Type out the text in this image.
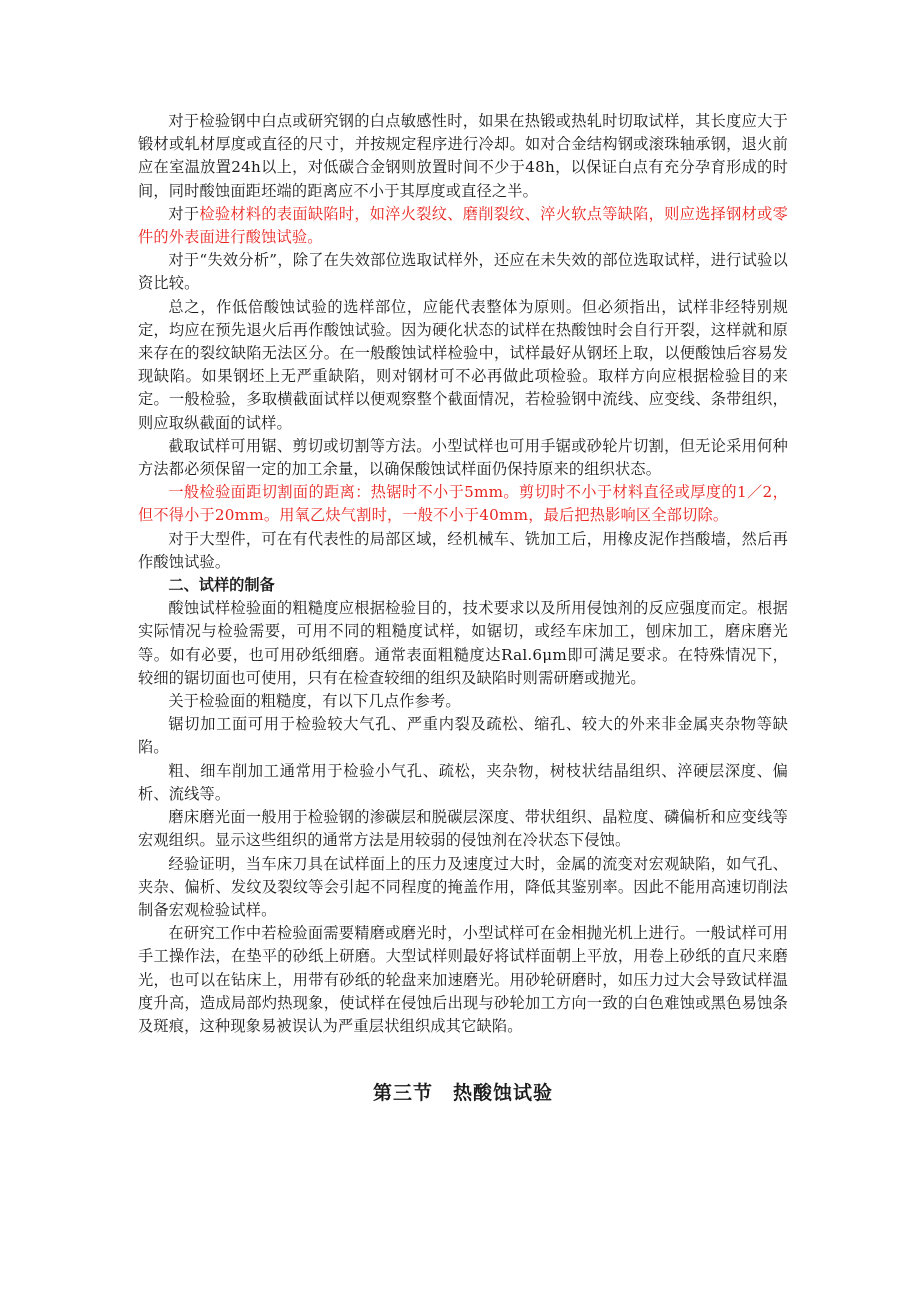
对于检验钢中白点或研究钢的白点敏感性时，如果在热锻或热轧时切取试样，其长度应大于锻材或轧材厚度或直径的尺寸，并按规定程序进行冷却。如对合金结构钢或滚珠轴承钢，退火前应在室温放置24h以上，对低碳合金钢则放置时间不少于48h，以保证白点有充分孕育形成的时间，同时酸蚀面距坯端的距离应不小于其厚度或直径之半。

对于检验材料的表面缺陷时，如淬火裂纹、磨削裂纹、淬火软点等缺陷，则应选择钢材或零件的外表面进行酸蚀试验。

对于“失效分析”，除了在失效部位选取试样外，还应在未失效的部位选取试样，进行试验以资比较。

总之，作低倍酸蚀试验的选样部位，应能代表整体为原则。但必须指出，试样非经特别规定，均应在预先退火后再作酸蚀试验。因为硬化状态的试样在热酸蚀时会自行开裂，这样就和原来存在的裂纹缺陷无法区分。在一般酸蚀试样检验中，试样最好从钢坯上取，以便酸蚀后容易发现缺陷。如果钢坯上无严重缺陷，则对钢材可不必再做此项检验。取样方向应根据检验目的来定。一般检验，多取横截面试样以便观察整个截面情况，若检验钢中流线、应变线、条带组织，则应取纵截面的试样。

截取试样可用锯、剪切或切割等方法。小型试样也可用手锯或砂轮片切割，但无论采用何种方法都必须保留一定的加工余量，以确保酸蚀试样面仍保持原来的组织状态。

一般检验面距切割面的距离：热锯时不小于5mm。剪切时不小于材料直径或厚度的1／2，但不得小于20mm。用氧乙炔气割时，一般不小于40mm，最后把热影响区全部切除。

对于大型件，可在有代表性的局部区域，经机械车、铣加工后，用橡皮泥作挡酸墙，然后再作酸蚀试验。

二、试样的制备

酸蚀试样检验面的粗糙度应根据检验目的，技术要求以及所用侵蚀剂的反应强度而定。根据实际情况与检验需要，可用不同的粗糙度试样，如锯切，或经车床加工，刨床加工，磨床磨光等。如有必要，也可用砂纸细磨。通常表面粗糙度达Ral.6μm即可满足要求。在特殊情况下，较细的锯切面也可使用，只有在检查较细的组织及缺陷时则需研磨或抛光。

关于检验面的粗糙度，有以下几点作参考。

锯切加工面可用于检验较大气孔、严重内裂及疏松、缩孔、较大的外来非金属夹杂物等缺陷。

粗、细车削加工通常用于检验小气孔、疏松，夹杂物，树枝状结晶组织、淬硬层深度、偏析、流线等。

磨床磨光面一般用于检验钢的渗碳层和脱碳层深度、带状组织、晶粒度、磷偏析和应变线等宏观组织。显示这些组织的通常方法是用较弱的侵蚀剂在冷状态下侵蚀。

经验证明，当车床刀具在试样面上的压力及速度过大时，金属的流变对宏观缺陷，如气孔、夹杂、偏析、发纹及裂纹等会引起不同程度的掩盖作用，降低其鉴别率。因此不能用高速切削法制备宏观检验试样。

在研究工作中若检验面需要精磨或磨光时，小型试样可在金相抛光机上进行。一般试样可用手工操作法，在垫平的砂纸上研磨。大型试样则最好将试样面朝上平放，用卷上砂纸的直尺来磨光，也可以在钻床上，用带有砂纸的轮盘来加速磨光。用砂轮研磨时，如压力过大会导致试样温度升高，造成局部灼热现象，使试样在侵蚀后出现与砂轮加工方向一致的白色难蚀或黑色易蚀条及斑痕，这种现象易被误认为严重层状组织成其它缺陷。

第三节　热酸蚀试验
